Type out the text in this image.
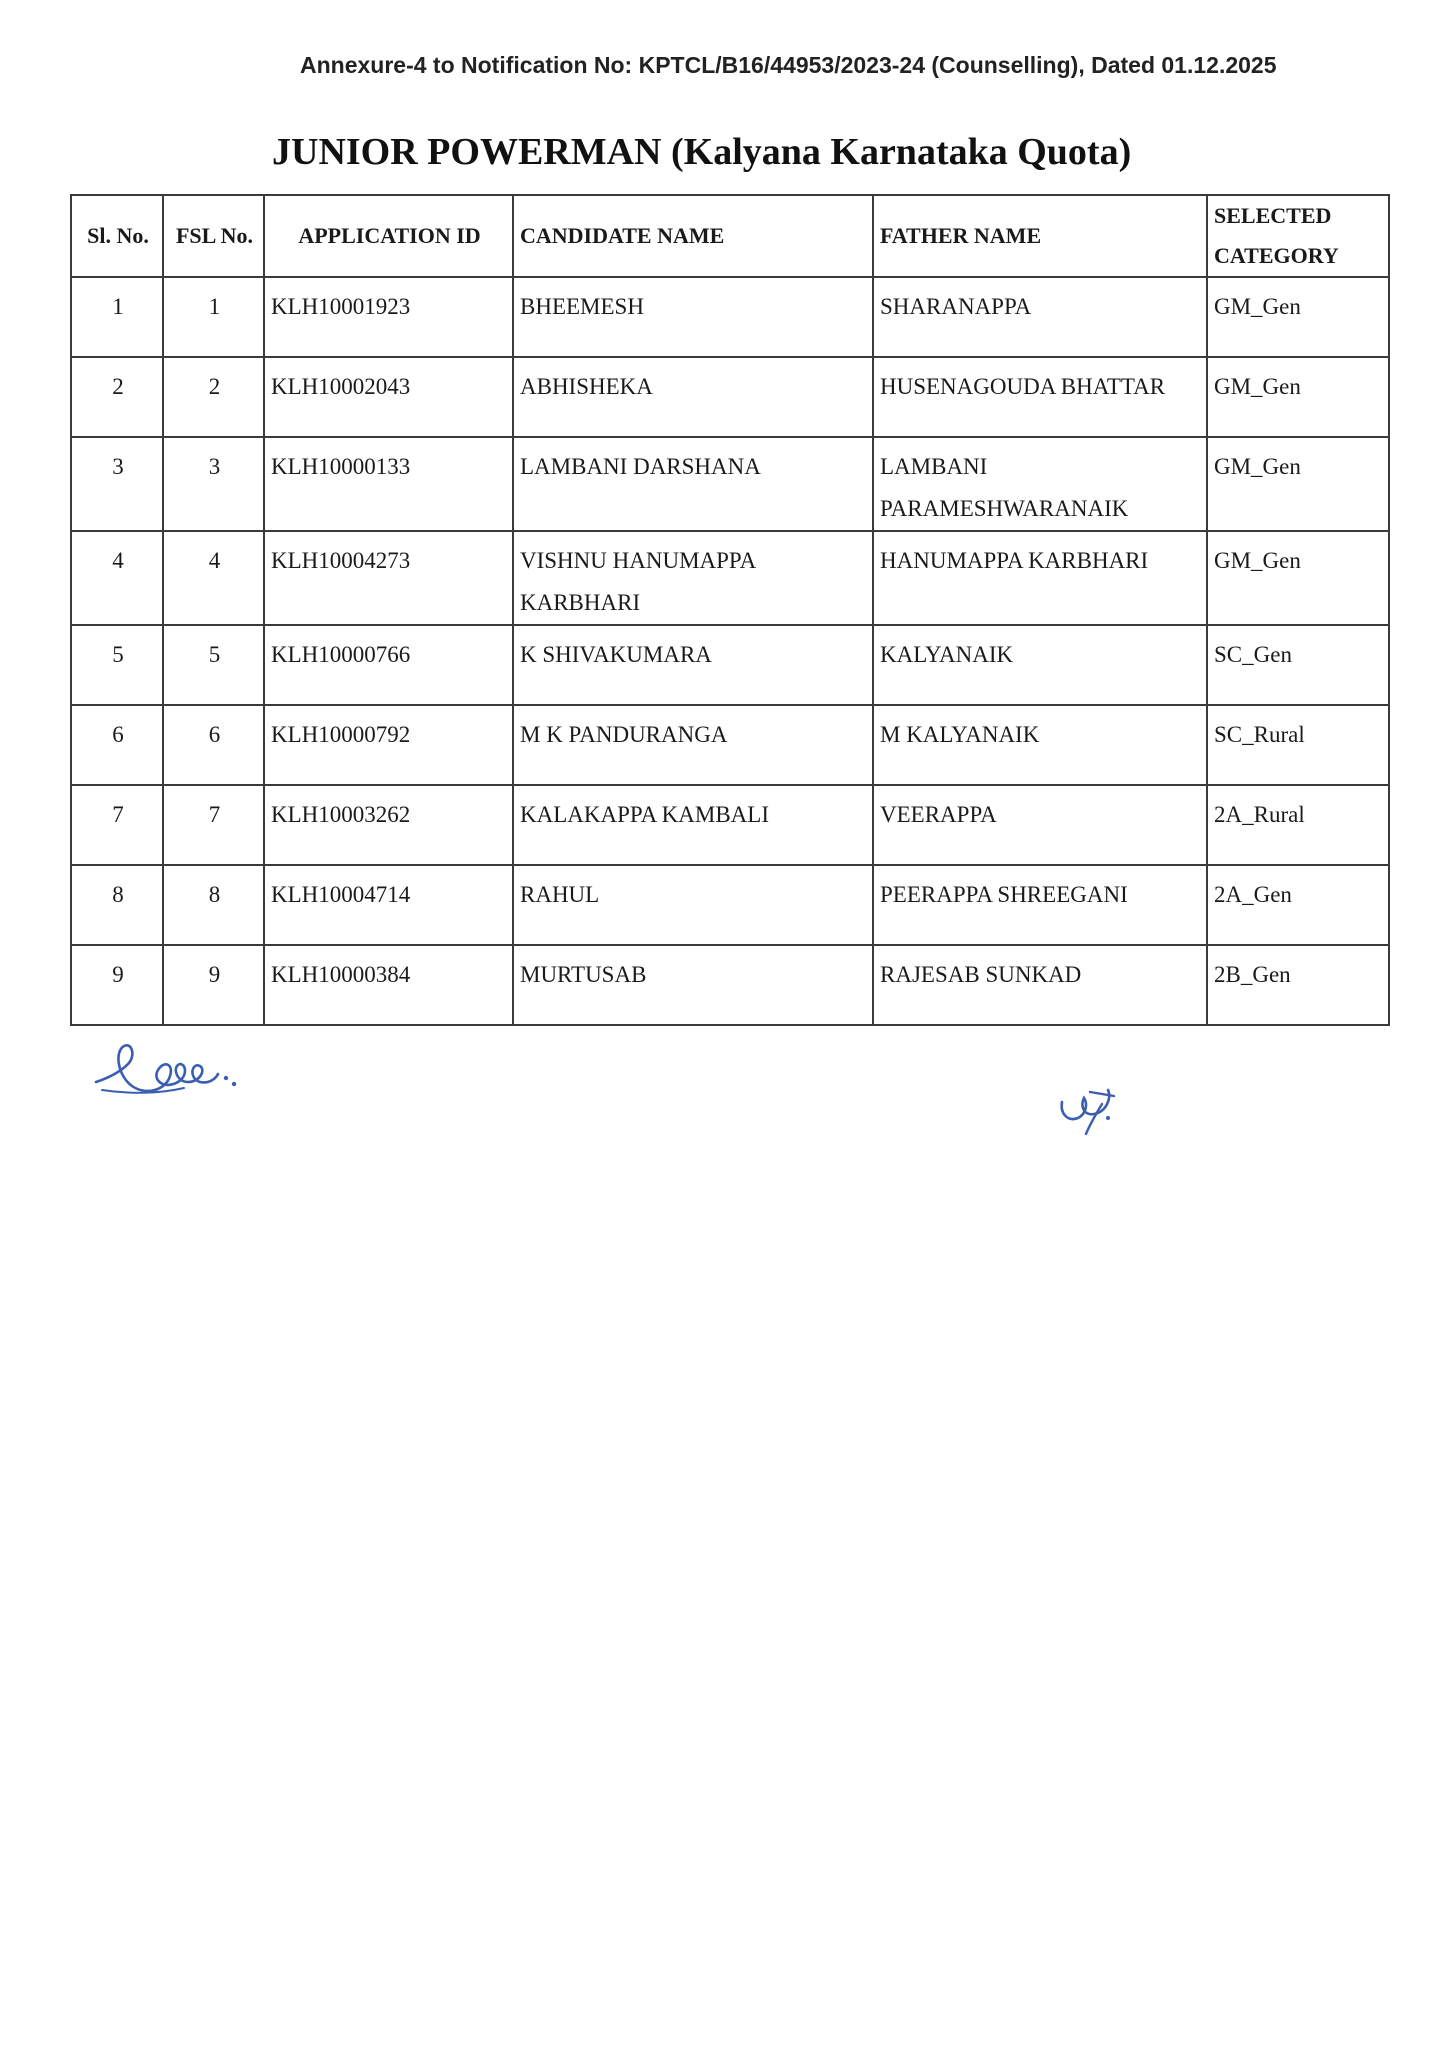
Annexure-4 to Notification No: KPTCL/B16/44953/2023-24 (Counselling), Dated 01.12.2025
JUNIOR POWERMAN (Kalyana Karnataka Quota)
Sl. No.	FSL No.	APPLICATION ID	CANDIDATE NAME	FATHER NAME	SELECTED CATEGORY
1	1	KLH10001923	BHEEMESH	SHARANAPPA	GM_Gen
2	2	KLH10002043	ABHISHEKA	HUSENAGOUDA BHATTAR	GM_Gen
3	3	KLH10000133	LAMBANI DARSHANA	LAMBANI PARAMESHWARANAIK	GM_Gen
4	4	KLH10004273	VISHNU HANUMAPPA KARBHARI	HANUMAPPA KARBHARI	GM_Gen
5	5	KLH10000766	K SHIVAKUMARA	KALYANAIK	SC_Gen
6	6	KLH10000792	M K PANDURANGA	M KALYANAIK	SC_Rural
7	7	KLH10003262	KALAKAPPA KAMBALI	VEERAPPA	2A_Rural
8	8	KLH10004714	RAHUL	PEERAPPA SHREEGANI	2A_Gen
9	9	KLH10000384	MURTUSAB	RAJESAB SUNKAD	2B_Gen
